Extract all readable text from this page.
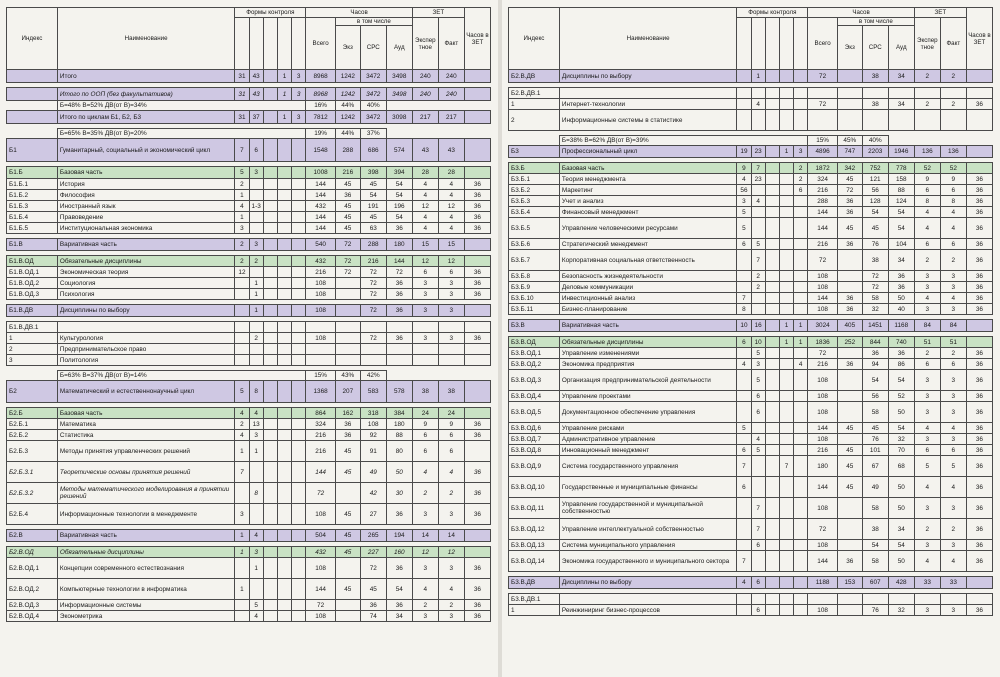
Индекс	Наименование	Формы контроля					Часов				ЗЕТ		Часов в ЗЕТ
							Всего	в том числе			Экспер тное	Факт	
								Экз	СРС	Ауд			
	Итого	31	43		1	3	8968	1242	3472	3498	240	240	

	Итого по ООП (без факультативов)	31	43		1	3	8968	1242	3472	3498	240	240	
	Б=48% В=52% ДВ(от В)=34%						16%	44%	40%				
	Итого по циклам Б1, Б2, Б3	31	37		1	3	7812	1242	3472	3098	217	217	

	Б=65% В=35% ДВ(от В)=20%						19%	44%	37%				
Б1	Гуманитарный, социальный и экономический цикл	7	6				1548	288	686	574	43	43	

Б1.Б	Базовая часть	5	3				1008	216	398	394	28	28	
Б1.Б.1	История	2					144	45	45	54	4	4	36
Б1.Б.2	Философия	1					144	36	54	54	4	4	36
Б1.Б.3	Иностранный язык	4	1-3				432	45	191	196	12	12	36
Б1.Б.4	Правоведение	1					144	45	45	54	4	4	36
Б1.Б.5	Институциональная экономика	3					144	45	63	36	4	4	36

Б1.В	Вариативная часть	2	3				540	72	288	180	15	15	

Б1.В.ОД	Обязательные дисциплины	2	2				432	72	216	144	12	12	
Б1.В.ОД.1	Экономическая теория	12					216	72	72	72	6	6	36
Б1.В.ОД.2	Социология		1				108		72	36	3	3	36
Б1.В.ОД.3	Психология		1				108		72	36	3	3	36

Б1.В.ДВ	Дисциплины по выбору		1				108		72	36	3	3	

Б1.В.ДВ.1													
1	Культурология		2				108		72	36	3	3	36
2	Предпринимательское право												
3	Политология												

	Б=63% В=37% ДВ(от В)=14%						15%	43%	42%				
Б2	Математический и естественнонаучный цикл	5	8				1368	207	583	578	38	38	

Б2.Б	Базовая часть	4	4				864	162	318	384	24	24	
Б2.Б.1	Математика	2	13				324	36	108	180	9	9	36
Б2.Б.2	Статистика	4	3				216	36	92	88	6	6	36
Б2.Б.3	Методы принятия управленческих решений	1	1				216	45	91	80	6	6	
Б2.Б.3.1	Теоретические основы принятия решений	7					144	45	49	50	4	4	36
Б2.Б.3.2	Методы математического моделирования в принятии решений		8				72		42	30	2	2	36
Б2.Б.4	Информационные технологии в менеджменте	3					108	45	27	36	3	3	36

Б2.В	Вариативная часть	1	4				504	45	265	194	14	14	

Б2.В.ОД	Обязательные дисциплины	1	3				432	45	227	160	12	12	
Б2.В.ОД.1	Концепции современного естествознания		1				108		72	36	3	3	36
Б2.В.ОД.2	Компьютерные технологии в информатика	1					144	45	45	54	4	4	36
Б2.В.ОД.3	Информационные системы		5				72		36	36	2	2	36
Б2.В.ОД.4	Эконометрика		4				108		74	34	3	3	36
Индекс	Наименование	Формы контроля					Часов				ЗЕТ		Часов в ЗЕТ
							Всего	в том числе			Экспер тное	Факт	
								Экз	СРС	Ауд			
Б2.В.ДВ	Дисциплины по выбору		1				72		38	34	2	2	

Б2.В.ДВ.1													
1	Интернет-технологии		4				72		38	34	2	2	36
2	Информационные системы в статистике												

	Б=38% В=62% ДВ(от В)=39%						15%	45%	40%				
Б3	Профессиональный цикл	19	23		1	3	4896	747	2203	1946	136	136	

Б3.Б	Базовая часть	9	7			2	1872	342	752	778	52	52	
Б3.Б.1	Теория менеджмента	4	23			2	324	45	121	158	9	9	36
Б3.Б.2	Маркетинг	56				6	216	72	56	88	6	6	36
Б3.Б.3	Учет и анализ	3	4				288	36	128	124	8	8	36
Б3.Б.4	Финансовый менеджмент	5					144	36	54	54	4	4	36
Б3.Б.5	Управление человеческими ресурсами	5					144	45	45	54	4	4	36
Б3.Б.6	Стратегический менеджмент	6	5				216	36	76	104	6	6	36
Б3.Б.7	Корпоративная социальная ответственность		7				72		38	34	2	2	36
Б3.Б.8	Безопасность жизнедеятельности		2				108		72	36	3	3	36
Б3.Б.9	Деловые коммуникации		2				108		72	36	3	3	36
Б3.Б.10	Инвестиционный анализ	7					144	36	58	50	4	4	36
Б3.Б.11	Бизнес-планирование	8					108	36	32	40	3	3	36

Б3.В	Вариативная часть	10	16		1	1	3024	405	1451	1168	84	84	

Б3.В.ОД	Обязательные дисциплины	6	10		1	1	1836	252	844	740	51	51	
Б3.В.ОД.1	Управление изменениями		5				72		36	36	2	2	36
Б3.В.ОД.2	Экономика предприятия	4	3			4	216	36	94	86	6	6	36
Б3.В.ОД.3	Организация предпринимательской деятельности		5				108		54	54	3	3	36
Б3.В.ОД.4	Управление проектами		6				108		56	52	3	3	36
Б3.В.ОД.5	Документационное обеспечение управления		6				108		58	50	3	3	36
Б3.В.ОД.6	Управление рисками	5					144	45	45	54	4	4	36
Б3.В.ОД.7	Административное управление		4				108		76	32	3	3	36
Б3.В.ОД.8	Инновационный менеджмент	6	5				216	45	101	70	6	6	36
Б3.В.ОД.9	Система государственного управления	7			7		180	45	67	68	5	5	36
Б3.В.ОД.10	Государственные и муниципальные финансы	6					144	45	49	50	4	4	36
Б3.В.ОД.11	Управление государственной и муниципальной собственностью		7				108		58	50	3	3	36
Б3.В.ОД.12	Управление интеллектуальной собственностью		7				72		38	34	2	2	36
Б3.В.ОД.13	Система муниципального управления		6				108		54	54	3	3	36
Б3.В.ОД.14	Экономика государственного и муниципального сектора	7					144	36	58	50	4	4	36

Б3.В.ДВ	Дисциплины по выбору	4	6				1188	153	607	428	33	33	

Б3.В.ДВ.1													
1	Реинжиниринг бизнес-процессов		6				108		76	32	3	3	36
